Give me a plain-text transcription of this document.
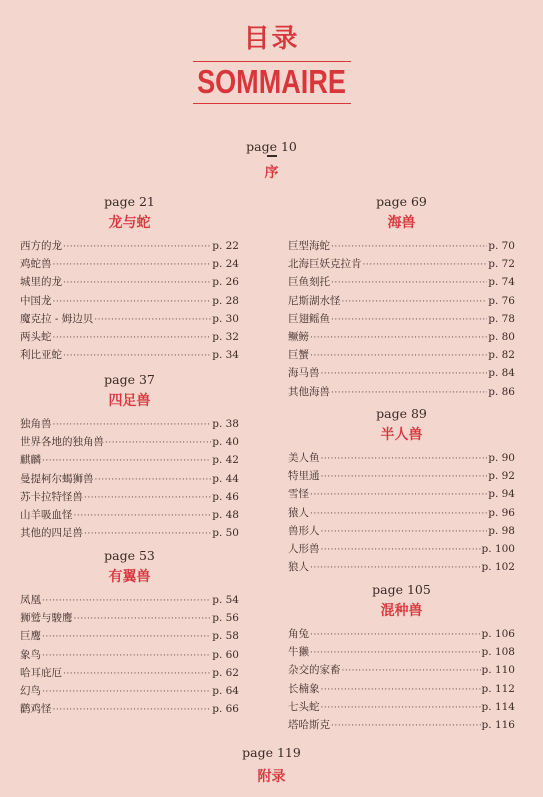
目录
SOMMAIRE
page 10
序
page 21
龙与蛇
西方的龙 ·····	p. 22
鸡蛇兽 ·····	p. 24
城里的龙 ·····	p. 26
中国龙 ·····	p. 28
魔克拉 - 姆边贝 ·····	p. 30
两头蛇 ·····	p. 32
利比亚蛇 ·····	p. 34
page 37
四足兽
独角兽 ·····	p. 38
世界各地的独角兽 ·····	p. 40
麒麟 ·····	p. 42
曼提柯尔蝎狮兽 ·····	p. 44
苏卡拉特怪兽 ·····	p. 46
山羊吸血怪 ·····	p. 48
其他的四足兽 ·····	p. 50
page 53
有翼兽
凤凰 ·····	p. 54
狮鹫与駿鹰 ·····	p. 56
巨鹰 ·····	p. 58
象鸟 ·····	p. 60
哈耳庇厄 ·····	p. 62
幻鸟 ·····	p. 64
鹳鸡怪 ·····	p. 66
page 69
海兽
巨型海蛇 ·····	p. 70
北海巨妖克拉肯 ·····	p. 72
巨鱼刻托 ·····	p. 74
尼斯湖水怪 ·····	p. 76
巨翅鳐鱼 ·····	p. 78
鳜鳑 ·····	p. 80
巨蟹 ·····	p. 82
海马兽 ·····	p. 84
其他海兽 ·····	p. 86
page 89
半人兽
美人鱼 ·····	p. 90
特里通 ·····	p. 92
雪怪 ·····	p. 94
猿人 ·····	p. 96
兽形人 ·····	p. 98
人形兽 ·····	p. 100
狼人 ·····	p. 102
page 105
混种兽
角兔 ·····	p. 106
牛獭 ·····	p. 108
杂交的家畜 ·····	p. 110
长楠象 ·····	p. 112
七头蛇 ·····	p. 114
塔哈斯克 ·····	p. 116
page 119
附录
